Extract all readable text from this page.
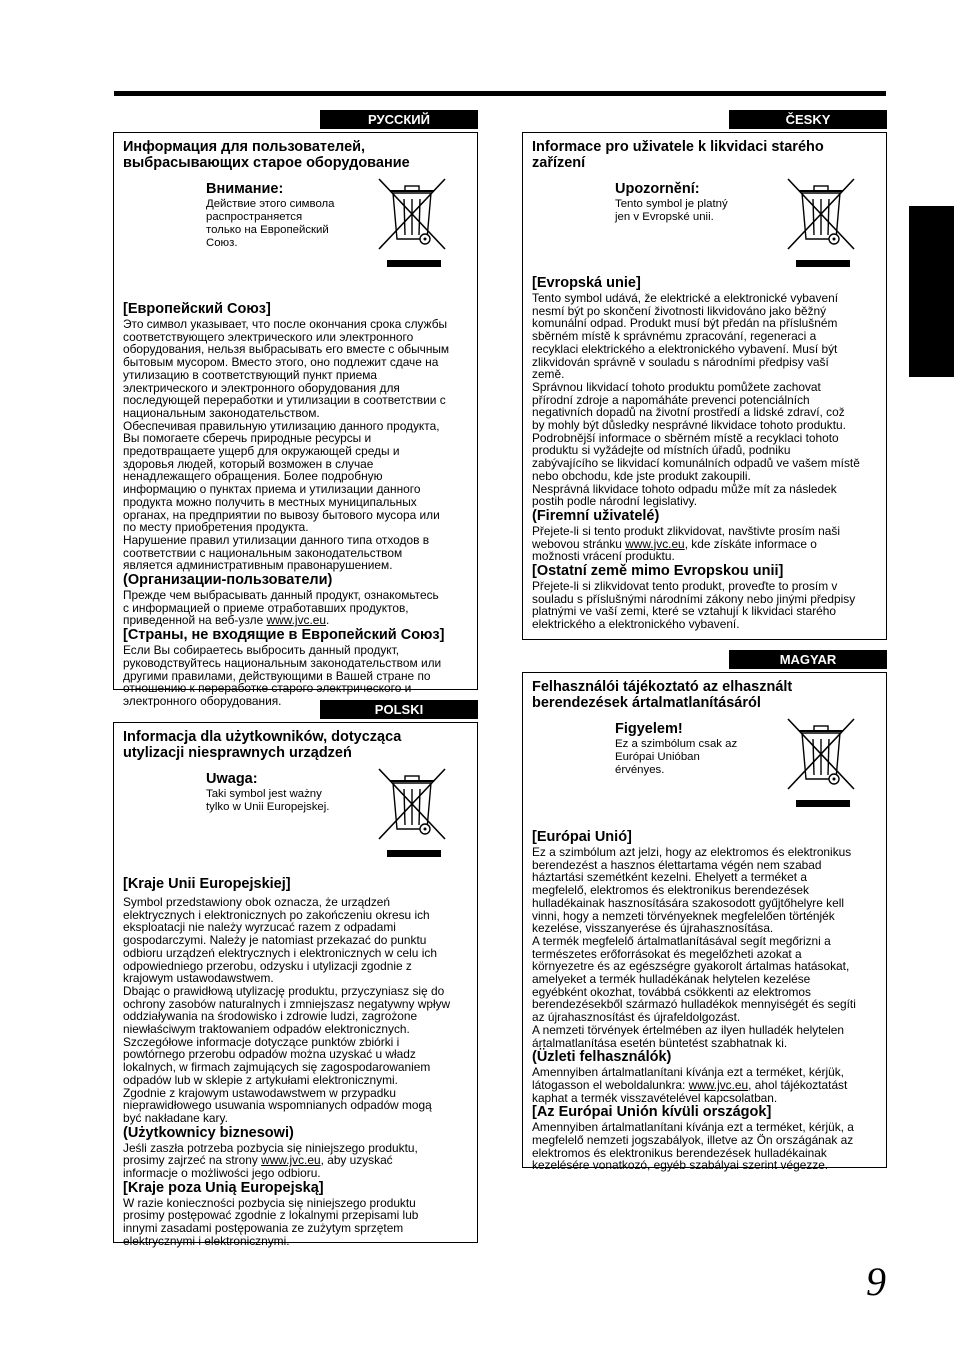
РУССКИЙ	ČESKY
POLSKI
MAGYAR

Информация для пользователей,
выбрасывающих старое оборудование

Внимание:

Действие этого символа
распространяется
только на Европейский
Союз.

[Европейский Союз]

Это символ указывает, что после окончания срока службы
соответствующего электрического или электронного
оборудования, нельзя выбрасывать его вместе с обычным
бытовым мусором. Вместо этого, оно подлежит сдаче на
утилизацию в соответствующий пункт приема
электрического и электронного оборудования для
последующей переработки и утилизации в соответствии с
национальным законодательством.
Обеспечивая правильную утилизацию данного продукта,
Вы помогаете сберечь природные ресурсы и
предотвращаете ущерб для окружающей среды и
здоровья людей, который возможен в случае
ненадлежащего обращения. Более подробную
информацию о пунктах приема и утилизации данного
продукта можно получить в местных муниципальных
органах, на предприятии по вывозу бытового мусора или
по месту приобретения продукта.
Нарушение правил утилизации данного типа отходов в
соответствии с национальным законодательством
является административным правонарушением.

(Организации-пользователи)

Прежде чем выбрасывать данный продукт, ознакомьтесь
с информацией о приеме отработавших продуктов,
приведенной на веб-узле www.jvc.eu.

[Страны, не входящие в Европейский Союз]

Если Вы собираетесь выбросить данный продукт,
руководствуйтесь национальным законодательством или
другими правилами, действующими в Вашей стране по
отношению к переработке старого электрического и
электронного оборудования.

Informacja dla użytkowników, dotycząca
utylizacji niesprawnych urządzeń

Uwaga:

Taki symbol jest ważny
tylko w Unii Europejskej.

[Kraje Unii Europejskiej]

Symbol przedstawiony obok oznacza, że urządzeń
elektrycznych i elektronicznych po zakończeniu okresu ich
eksploatacji nie należy wyrzucać razem z odpadami
gospodarczymi. Należy je natomiast przekazać do punktu
odbioru urządzeń elektrycznych i elektronicznych w celu ich
odpowiedniego przerobu, odzysku i utylizacji zgodnie z
krajowym ustawodawstwem.
Dbając o prawidłową utylizację produktu, przyczyniasz się do
ochrony zasobów naturalnych i zmniejszasz negatywny wpływ
oddziaływania na środowisko i zdrowie ludzi, zagrożone
niewłaściwym traktowaniem odpadów elektronicznych.
Szczegółowe informacje dotyczące punktów zbiórki i
powtórnego przerobu odpadów można uzyskać u władz
lokalnych, w firmach zajmujących się zagospodarowaniem
odpadów lub w sklepie z artykułami elektronicznymi.
Zgodnie z krajowym ustawodawstwem w przypadku
nieprawidłowego usuwania wspomnianych odpadów mogą
być nakładane kary.

(Użytkownicy biznesowi)

Jeśli zaszła potrzeba pozbycia się niniejszego produktu,
prosimy zajrzeć na strony www.jvc.eu, aby uzyskać
informacje o możliwości jego odbioru.

[Kraje poza Unią Europejską]

W razie konieczności pozbycia się niniejszego produktu
prosimy postępować zgodnie z lokalnymi przepisami lub
innymi zasadami postępowania ze zużytym sprzętem
elektrycznymi i elektronicznymi.

Informace pro uživatele k likvidaci starého
zařízení

Upozornění:

Tento symbol je platný
jen v Evropské unii.

[Evropská unie]

Tento symbol udává, že elektrické a elektronické vybavení
nesmí být po skončení životnosti likvidováno jako běžný
komunální odpad. Produkt musí být předán na příslušném
sběrném místě k správnému zpracování, regeneraci a
recyklaci elektrického a elektronického vybavení. Musí být
zlikvidován správně v souladu s národními předpisy vaší
země.
Správnou likvidací tohoto produktu pomůžete zachovat
přírodní zdroje a napomáháte prevenci potenciálních
negativních dopadů na životní prostředí a lidské zdraví, což
by mohly být důsledky nesprávné likvidace tohoto produktu.
Podrobnější informace o sběrném místě a recyklaci tohoto
produktu si vyžádejte od místních úřadů, podniku
zabývajícího se likvidací komunálních odpadů ve vašem místě
nebo obchodu, kde jste produkt zakoupili.
Nesprávná likvidace tohoto odpadu může mít za následek
postih podle národní legislativy.

(Firemní uživatelé)

Přejete-li si tento produkt zlikvidovat, navštivte prosím naši
webovou stránku www.jvc.eu, kde získáte informace o
možnosti vrácení produktu.

[Ostatní země mimo Evropskou unii]

Přejete-li si zlikvidovat tento produkt, proveďte to prosím v
souladu s příslušnými národními zákony nebo jinými předpisy
platnými ve vaší zemi, které se vztahují k likvidaci starého
elektrického a elektronického vybavení.

Felhasználói tájékoztató az elhasznált
berendezések ártalmatlanításáról

Figyelem!

Ez a szimbólum csak az
Európai Unióban
érvényes.

[Európai Unió]

Ez a szimbólum azt jelzi, hogy az elektromos és elektronikus
berendezést a hasznos élettartama végén nem szabad
háztartási szemétként kezelni. Ehelyett a terméket a
megfelelő, elektromos és elektronikus berendezések
hulladékainak hasznosítására szakosodott gyűjtőhelyre kell
vinni, hogy a nemzeti törvényeknek megfelelően történjék
kezelése, visszanyerése és újrahasznosítása.
A termék megfelelő ártalmatlanításával segít megőrizni a
természetes erőforrásokat és megelőzheti azokat a
környezetre és az egészségre gyakorolt ártalmas hatásokat,
amelyeket a termék hulladékának helytelen kezelése
egyébként okozhat, továbbá csökkenti az elektromos
berendezésekből származó hulladékok mennyiségét és segíti
az újrahasznosítást és újrafeldolgozást.
A nemzeti törvények értelmében az ilyen hulladék helytelen
ártalmatlanítása esetén büntetést szabhatnak ki.

(Üzleti felhasználók)

Amennyiben ártalmatlanítani kívánja ezt a terméket, kérjük,
látogasson el weboldalunkra: www.jvc.eu, ahol tájékoztatást
kaphat a termék visszavételével kapcsolatban.

[Az Európai Unión kívüli országok]

Amennyiben ártalmatlanítani kívánja ezt a terméket, kérjük, a
megfelelő nemzeti jogszabályok, illetve az Ön országának az
elektromos és elektronikus berendezések hulladékainak
kezelésére vonatkozó, egyéb szabályai szerint végezze.

9
